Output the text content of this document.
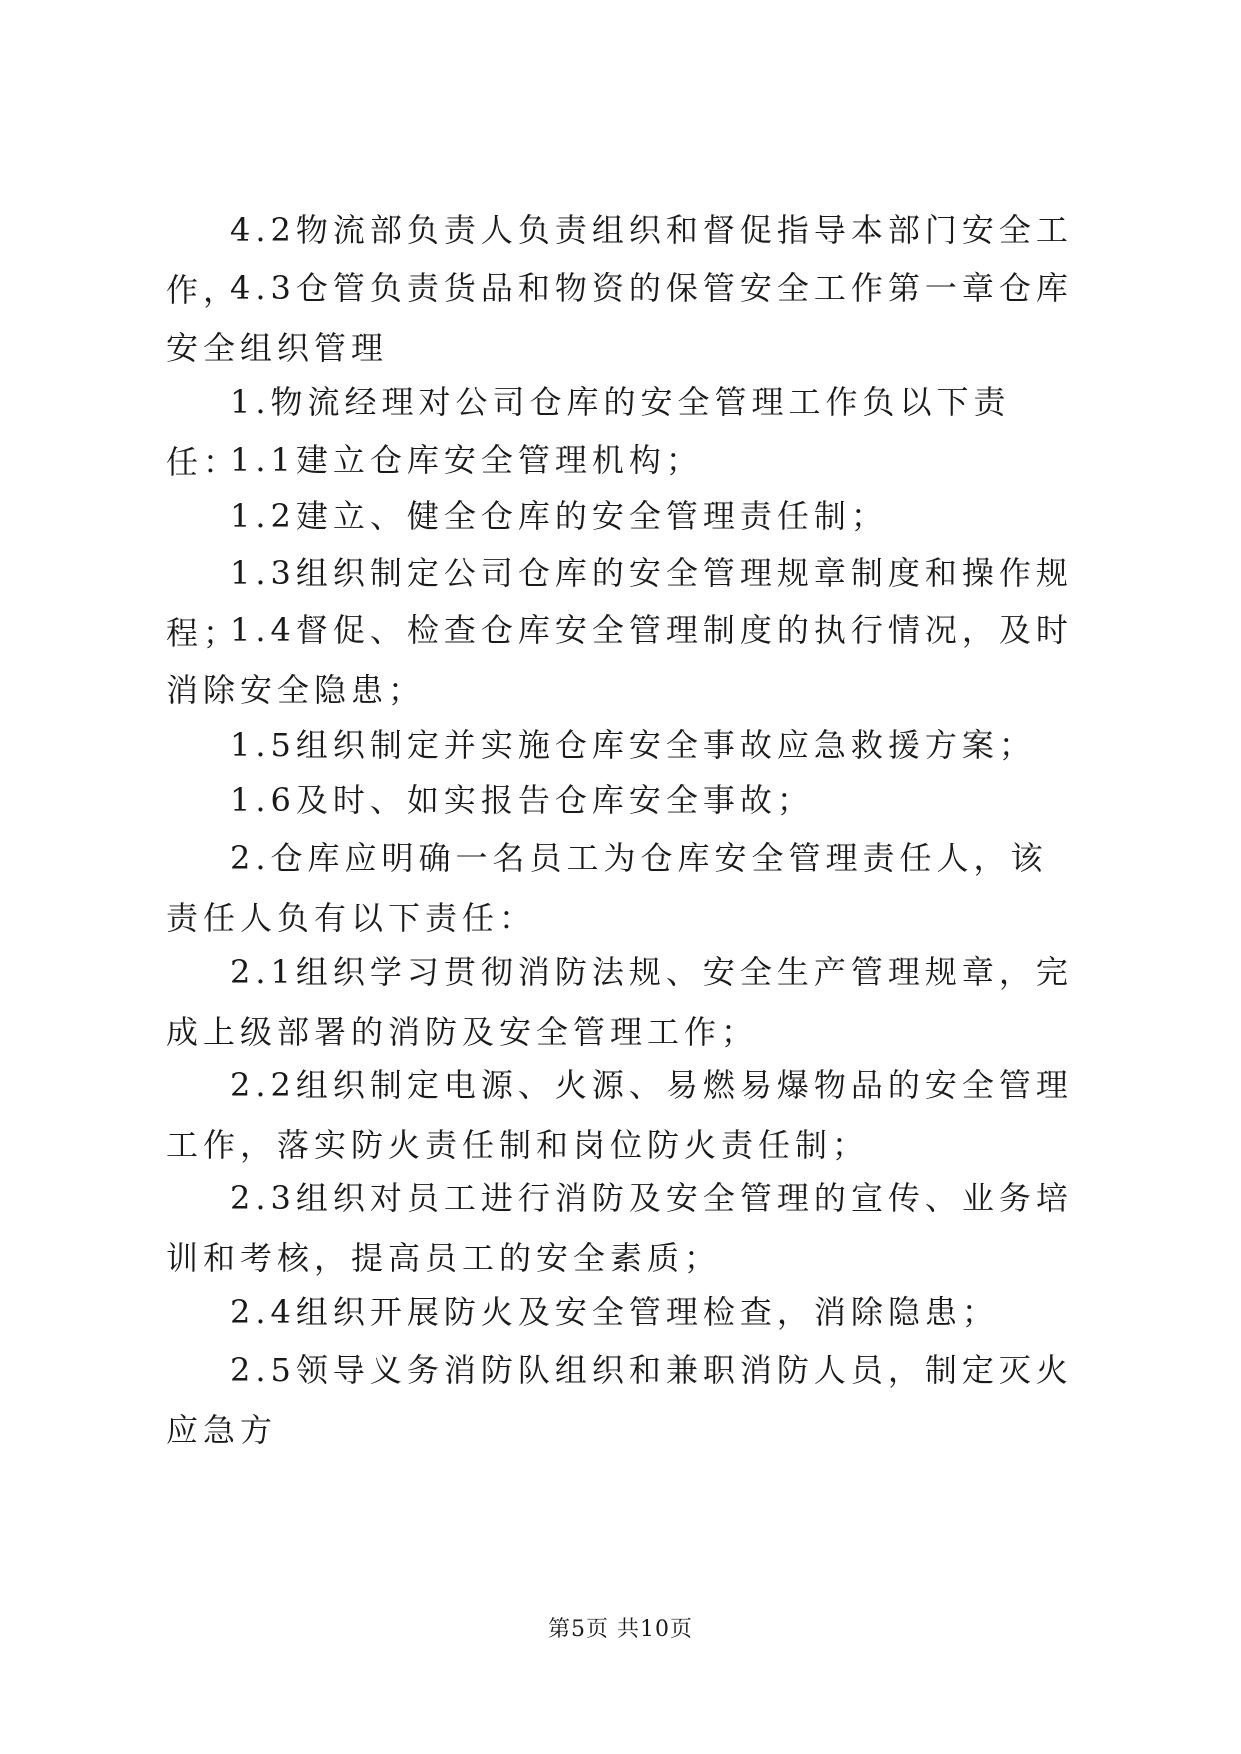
4.2物流部负责人负责组织和督促指导本部门安全工作，

4.3仓管负责货品和物资的保管安全工作第一章仓库安全组织管理

1.物流经理对公司仓库的安全管理工作负以下责任：

1.1建立仓库安全管理机构；

1.2建立、健全仓库的安全管理责任制；

1.3组织制定公司仓库的安全管理规章制度和操作规程；

1.4督促、检查仓库安全管理制度的执行情况，及时消除安全隐患；

1.5组织制定并实施仓库安全事故应急救援方案；

1.6及时、如实报告仓库安全事故；

2.仓库应明确一名员工为仓库安全管理责任人，该责任人负有以下责任：

2.1组织学习贯彻消防法规、安全生产管理规章，完成上级部署的消防及安全管理工作；

2.2组织制定电源、火源、易燃易爆物品的安全管理工作，落实防火责任制和岗位防火责任制；

2.3组织对员工进行消防及安全管理的宣传、业务培训和考核，提高员工的安全素质；

2.4组织开展防火及安全管理检查，消除隐患；

2.5领导义务消防队组织和兼职消防人员，制定灭火应急方

第5页 共10页
